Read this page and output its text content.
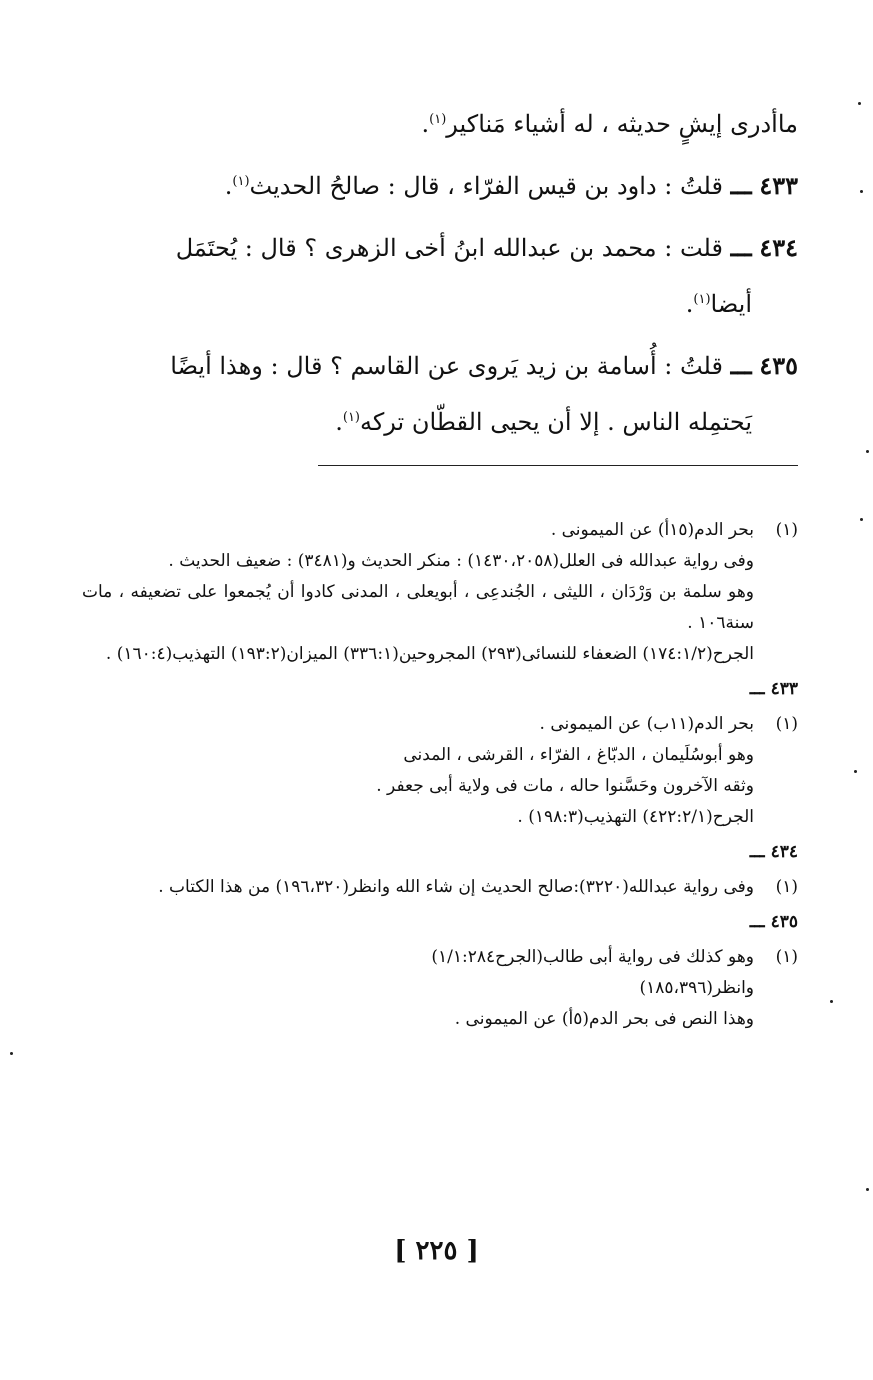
ماأدرى إيشٍ حديثه ، له أشياء مَناكير$^{(١)}$.
٤٣٣ ـــ قلتُ : داود بن قيس الفرّاء ، قال : صالحُ الحديث$^{(١)}$.
٤٣٤ ـــ قلت : محمد بن عبدالله ابنُ أخى الزهرى ؟ قال : يُحتَمَل
أيضا$^{(١)}$.
٤٣٥ ـــ قلتُ : أُسامة بن زيد يَروى عن القاسم ؟ قال : وهذا أيضًا
يَحتمِله الناس . إلا أن يحيى القطّان تركه$^{(١)}$.
(١)

بحر الدم(١٥أ) عن الميمونى .

وفى رواية عبدالله فى العلل(١٤٣٠،٢٠٥٨) : منكر الحديث و(٣٤٨١) : ضعيف الحديث .

وهو سلمة بن وَرْدَان ، الليثى ، الجُندعِى ، أبويعلى ، المدنى كادوا أن يُجمعوا على تضعيفه ، مات سنة١٠٦ .

الجرح(١٧٤:١/٢) الضعفاء للنسائى(٢٩٣) المجروحين(٣٣٦:١) الميزان(١٩٣:٢) التهذيب(١٦٠:٤) .

٤٣٣ ـــ
(١)

بحر الدم(١١ب) عن الميمونى .

وهو أبوسُلَيمان ، الدبّاغ ، الفرّاء ، القرشى ، المدنى

وثقه الآخرون وحَسَّنوا حاله ، مات فى ولاية أبى جعفر .

الجرح(٤٢٢:٢/١) التهذيب(١٩٨:٣) .

٤٣٤ ـــ
(١)

وفى رواية عبدالله(٣٢٢٠):صالح الحديث إن شاء الله وانظر(١٩٦،٣٢٠) من هذا الكتاب .

٤٣٥ ـــ
(١)

وهو كذلك فى رواية أبى طالب(الجرح١/١:٢٨٤)

وانظر(١٨٥،٣٩٦)

وهذا النص فى بحر الدم(٥أ) عن الميمونى .

[ ٢٢٥ ]
